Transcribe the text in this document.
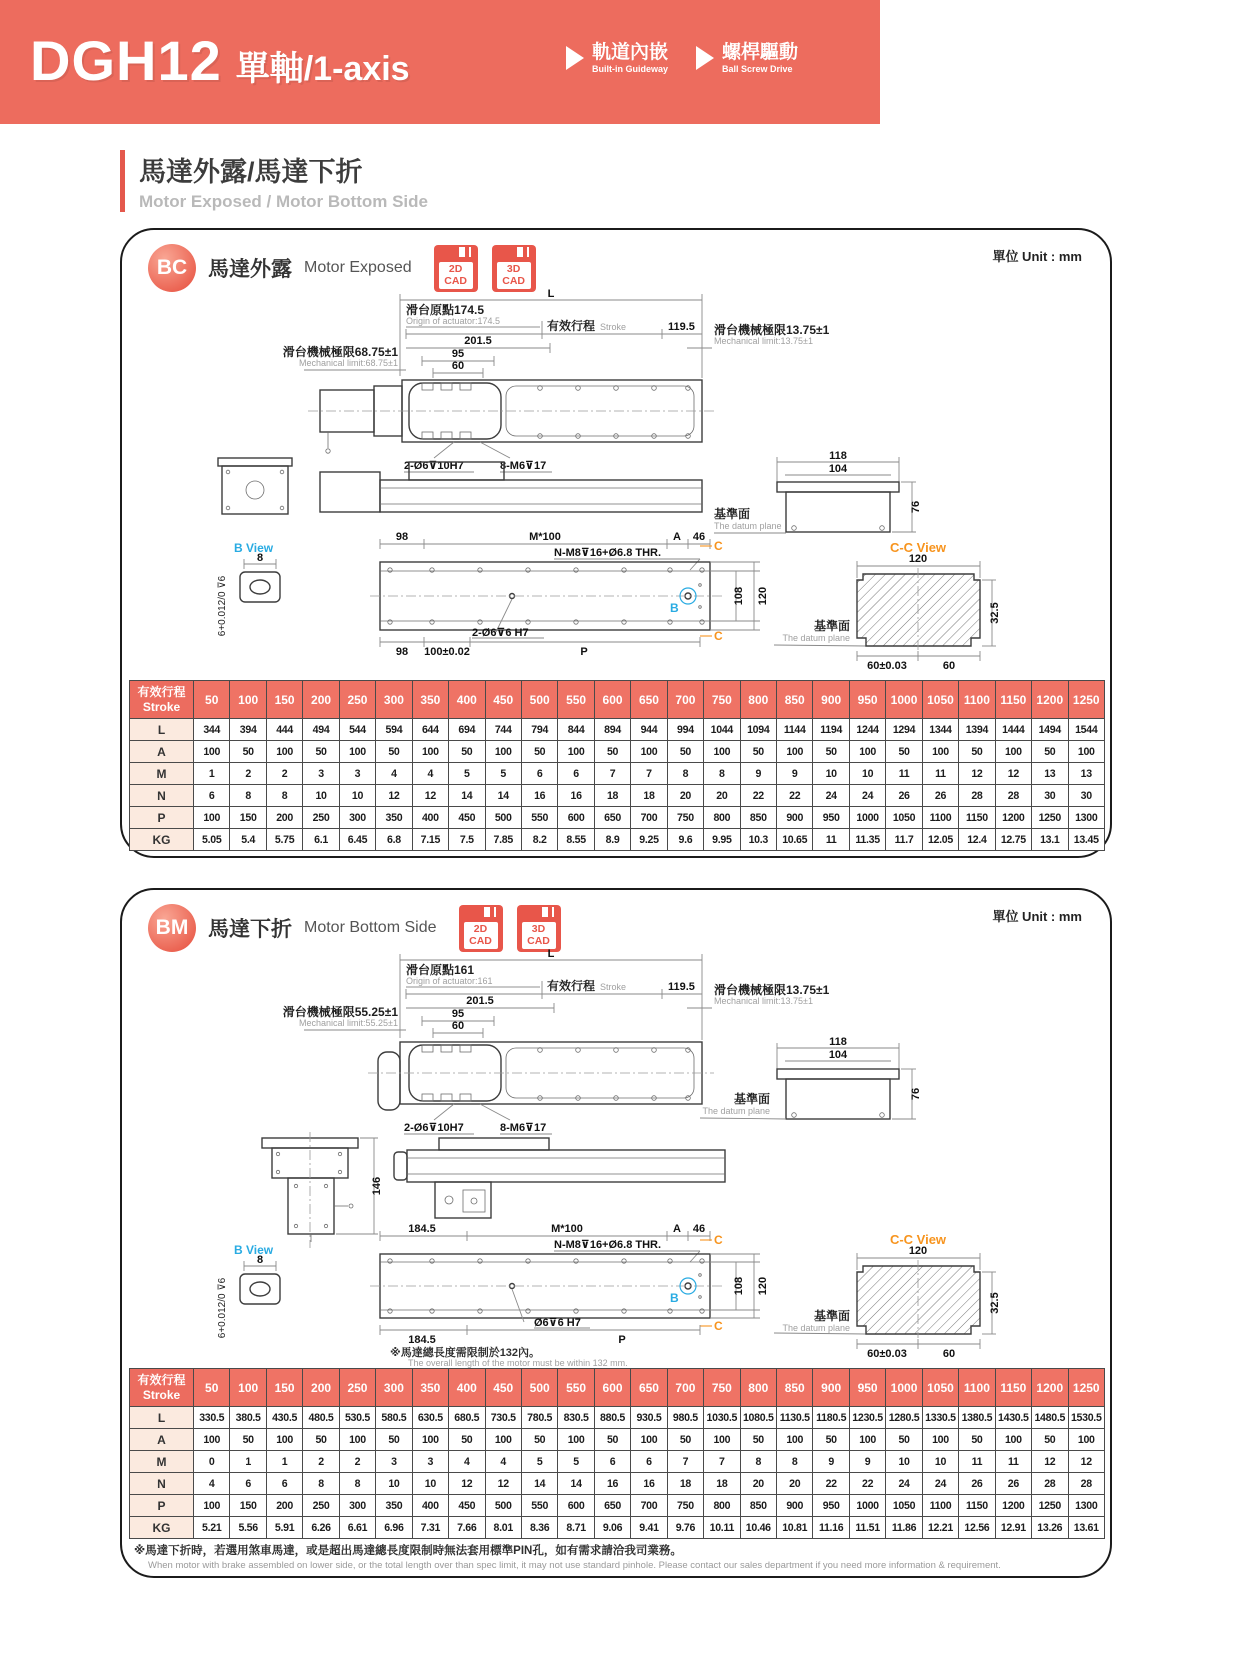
DGH12 單軸/1-axis	軌道內嵌
Built-in Guideway
螺桿驅動
Ball Screw Drive
馬達外露/馬達下折
Motor Exposed / Motor Bottom Side
單位 Unit : mm
BC 馬達外露 Motor Exposed	2D
CAD
3D
CAD
L
滑台原點174.5
Origin of actuator:174.5	有效行程 Stroke	119.5
201.5
95
60
滑台機械極限68.75±1
Mechanical limit:68.75±1
滑台機械極限13.75±1
Mechanical limit:13.75±1
2-Ø6⊽10H7	8-M6⊽17
118
104
76
基準面
The datum plane
B View
8
6+0.012/0 ⊽6
98	M*100	A 46
N-M8⊽16+Ø6.8 THR.
B
C
C
108 120
98 100±0.02	P
2-Ø6⊽6 H7
C-C View
120
32.5
60±0.03	60
基準面
The datum plane
有效行程
Stroke	50	100	150	200	250	300	350	400	450	500	550	600	650	700	750	800	850	900	950	1000	1050	1100	1150	1200	1250
L	344	394	444	494	544	594	644	694	744	794	844	894	944	994	1044	1094	1144	1194	1244	1294	1344	1394	1444	1494	1544
A	100	50	100	50	100	50	100	50	100	50	100	50	100	50	100	50	100	50	100	50	100	50	100	50	100
M	1	2	2	3	3	4	4	5	5	6	6	7	7	8	8	9	9	10	10	11	11	12	12	13	13
N	6	8	8	10	10	12	12	14	14	16	16	18	18	20	20	22	22	24	24	26	26	28	28	30	30
P	100	150	200	250	300	350	400	450	500	550	600	650	700	750	800	850	900	950	1000	1050	1100	1150	1200	1250	1300
KG	5.05	5.4	5.75	6.1	6.45	6.8	7.15	7.5	7.85	8.2	8.55	8.9	9.25	9.6	9.95	10.3	10.65	11	11.35	11.7	12.05	12.4	12.75	13.1	13.45
單位 Unit : mm
BM 馬達下折 Motor Bottom Side	2D
CAD
3D
CAD
L
滑台原點161
Origin of actuator:161	有效行程 Stroke	119.5
201.5
95
60
滑台機械極限55.25±1
Mechanical limit:55.25±1
滑台機械極限13.75±1
Mechanical limit:13.75±1
2-Ø6⊽10H7	8-M6⊽17
118
104
76
基準面
The datum plane
146
B View
8
6+0.012/0 ⊽6
184.5	M*100	A 46
N-M8⊽16+Ø6.8 THR.
B
C
C
108 120
184.5	P
Ø6⊽6 H7
※馬達總長度需限制於132內。
The overall length of the motor must be within 132 mm.
C-C View
120
32.5
60±0.03	60
基準面
The datum plane
有效行程
Stroke	50	100	150	200	250	300	350	400	450	500	550	600	650	700	750	800	850	900	950	1000	1050	1100	1150	1200	1250
L	330.5	380.5	430.5	480.5	530.5	580.5	630.5	680.5	730.5	780.5	830.5	880.5	930.5	980.5	1030.5	1080.5	1130.5	1180.5	1230.5	1280.5	1330.5	1380.5	1430.5	1480.5	1530.5
A	100	50	100	50	100	50	100	50	100	50	100	50	100	50	100	50	100	50	100	50	100	50	100	50	100
M	0	1	1	2	2	3	3	4	4	5	5	6	6	7	7	8	8	9	9	10	10	11	11	12	12
N	4	6	6	8	8	10	10	12	12	14	14	16	16	18	18	20	20	22	22	24	24	26	26	28	28
P	100	150	200	250	300	350	400	450	500	550	600	650	700	750	800	850	900	950	1000	1050	1100	1150	1200	1250	1300
KG	5.21	5.56	5.91	6.26	6.61	6.96	7.31	7.66	8.01	8.36	8.71	9.06	9.41	9.76	10.11	10.46	10.81	11.16	11.51	11.86	12.21	12.56	12.91	13.26	13.61
※馬達下折時，若選用煞車馬達，或是超出馬達總長度限制時無法套用標準PIN孔，如有需求請洽我司業務。
When motor with brake assembled on lower side, or the total length over than spec limit, it may not use standard pinhole. Please contact our sales department if you need more information & requirement.
